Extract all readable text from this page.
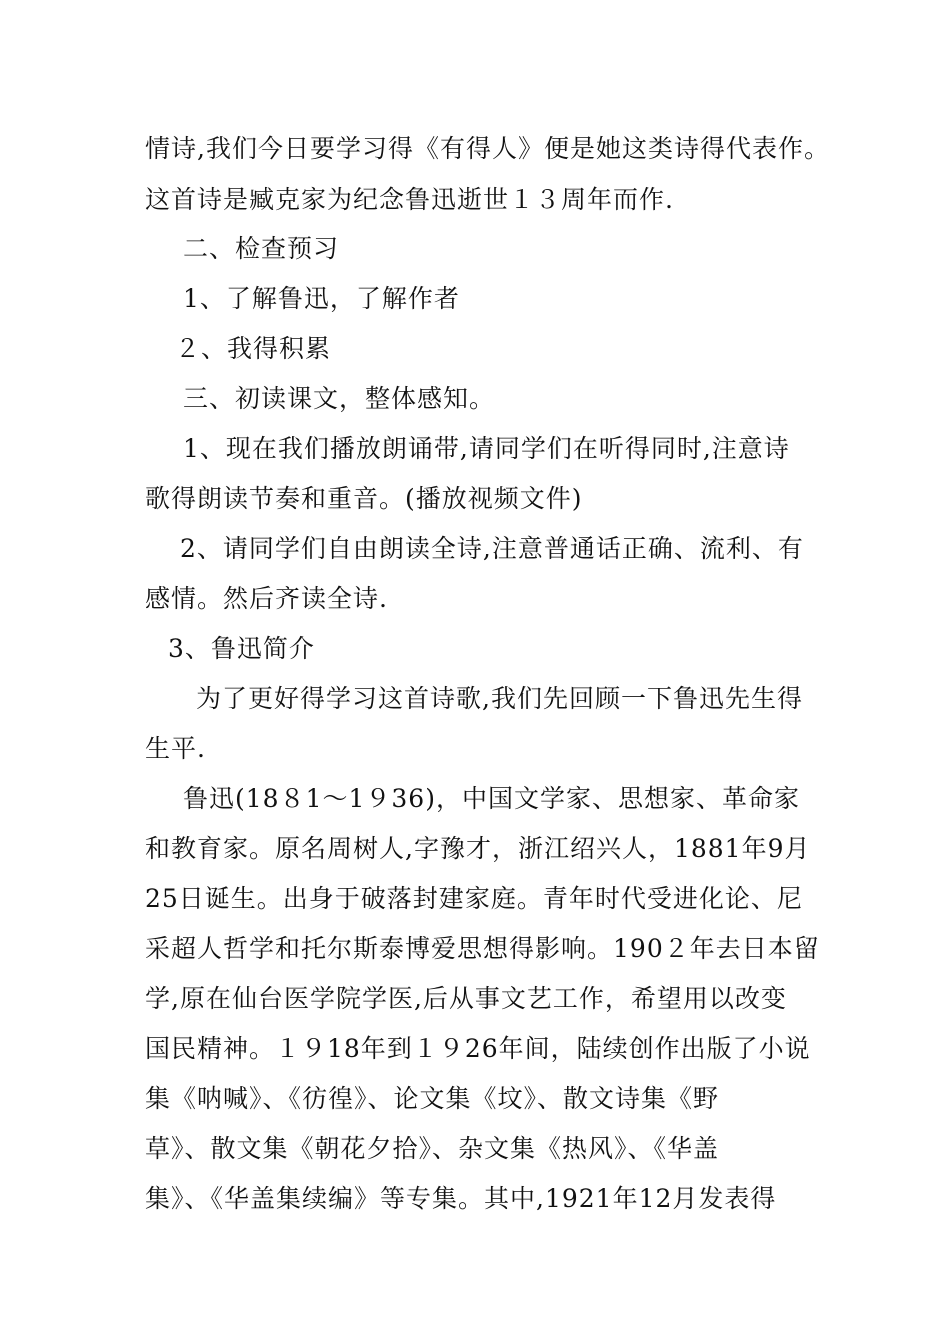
情诗,我们今日要学习得《有得人》便是她这类诗得代表作。
这首诗是臧克家为纪念鲁迅逝世１３周年而作.
二、检查预习
1、了解鲁迅，了解作者
２、我得积累
三、初读课文，整体感知。
1、现在我们播放朗诵带,请同学们在听得同时,注意诗
歌得朗读节奏和重音。(播放视频文件)
2、请同学们自由朗读全诗,注意普通话正确、流利、有
感情。然后齐读全诗.
3、鲁迅简介
为了更好得学习这首诗歌,我们先回顾一下鲁迅先生得
生平.
鲁迅(18８1～1９36)，中国文学家、思想家、革命家
和教育家。原名周树人,字豫才，浙江绍兴人，1881年9月
25日诞生。出身于破落封建家庭。青年时代受进化论、尼
采超人哲学和托尔斯泰博爱思想得影响。190２年去日本留
学,原在仙台医学院学医,后从事文艺工作，希望用以改变
国民精神。１９18年到１９26年间，陆续创作出版了小说
集《呐喊》、《彷徨》、论文集《坟》、散文诗集《野
草》、散文集《朝花夕拾》、杂文集《热风》、《华盖
集》、《华盖集续编》等专集。其中,1921年12月发表得
